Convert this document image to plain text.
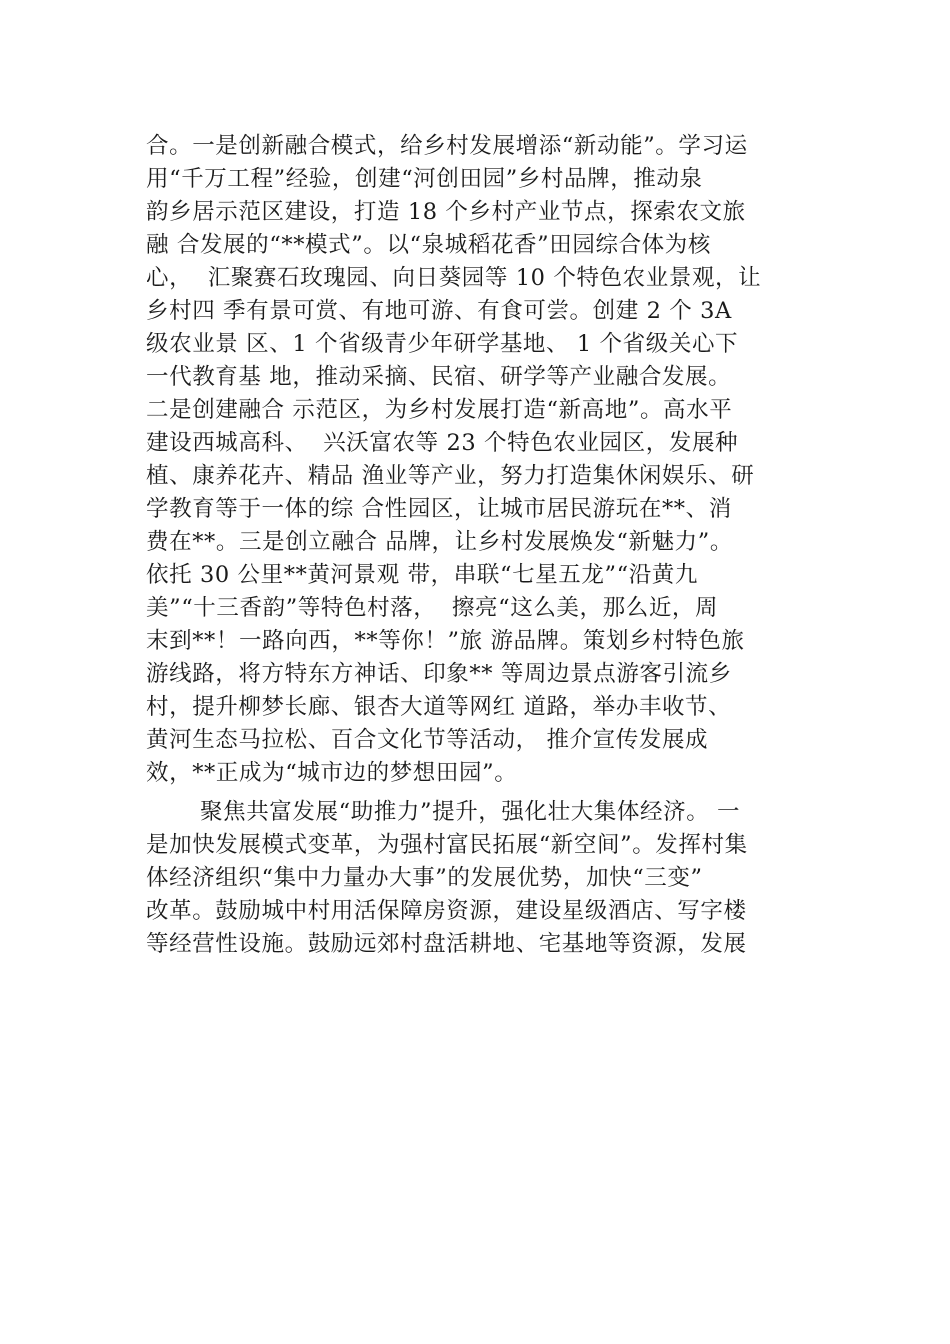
合。一是创新融合模式，给乡村发展增添“新动能”。学习运
用“千万工程”经验，创建“河创田园”乡村品牌，推动泉
韵乡居示范区建设，打造 18 个乡村产业节点，探索农文旅
融 合发展的“**模式”。以“泉城稻花香”田园综合体为核
心，  汇聚赛石玫瑰园、向日葵园等 10 个特色农业景观，让
乡村四 季有景可赏、有地可游、有食可尝。创建 2 个 3A
级农业景 区、1 个省级青少年研学基地、 1 个省级关心下
一代教育基 地，推动采摘、民宿、研学等产业融合发展。
二是创建融合 示范区，为乡村发展打造“新高地”。高水平
建设西城高科、  兴沃富农等 23 个特色农业园区，发展种
植、康养花卉、精品 渔业等产业，努力打造集休闲娱乐、研
学教育等于一体的综 合性园区，让城市居民游玩在**、消
费在**。三是创立融合 品牌，让乡村发展焕发“新魅力”。
依托 30 公里**黄河景观 带，串联“七星五龙”“沿黄九
美”“十三香韵”等特色村落，  擦亮“这么美，那么近，周
末到**！一路向西，**等你！”旅 游品牌。策划乡村特色旅
游线路，将方特东方神话、印象** 等周边景点游客引流乡
村，提升柳梦长廊、银杏大道等网红 道路，举办丰收节、
黄河生态马拉松、百合文化节等活动， 推介宣传发展成
效，**正成为“城市边的梦想田园”。
聚焦共富发展“助推力”提升，强化壮大集体经济。 一
是加快发展模式变革，为强村富民拓展“新空间”。发挥村集
体经济组织“集中力量办大事”的发展优势，加快“三变”
改革。鼓励城中村用活保障房资源，建设星级酒店、写字楼
等经营性设施。鼓励远郊村盘活耕地、宅基地等资源，发展
